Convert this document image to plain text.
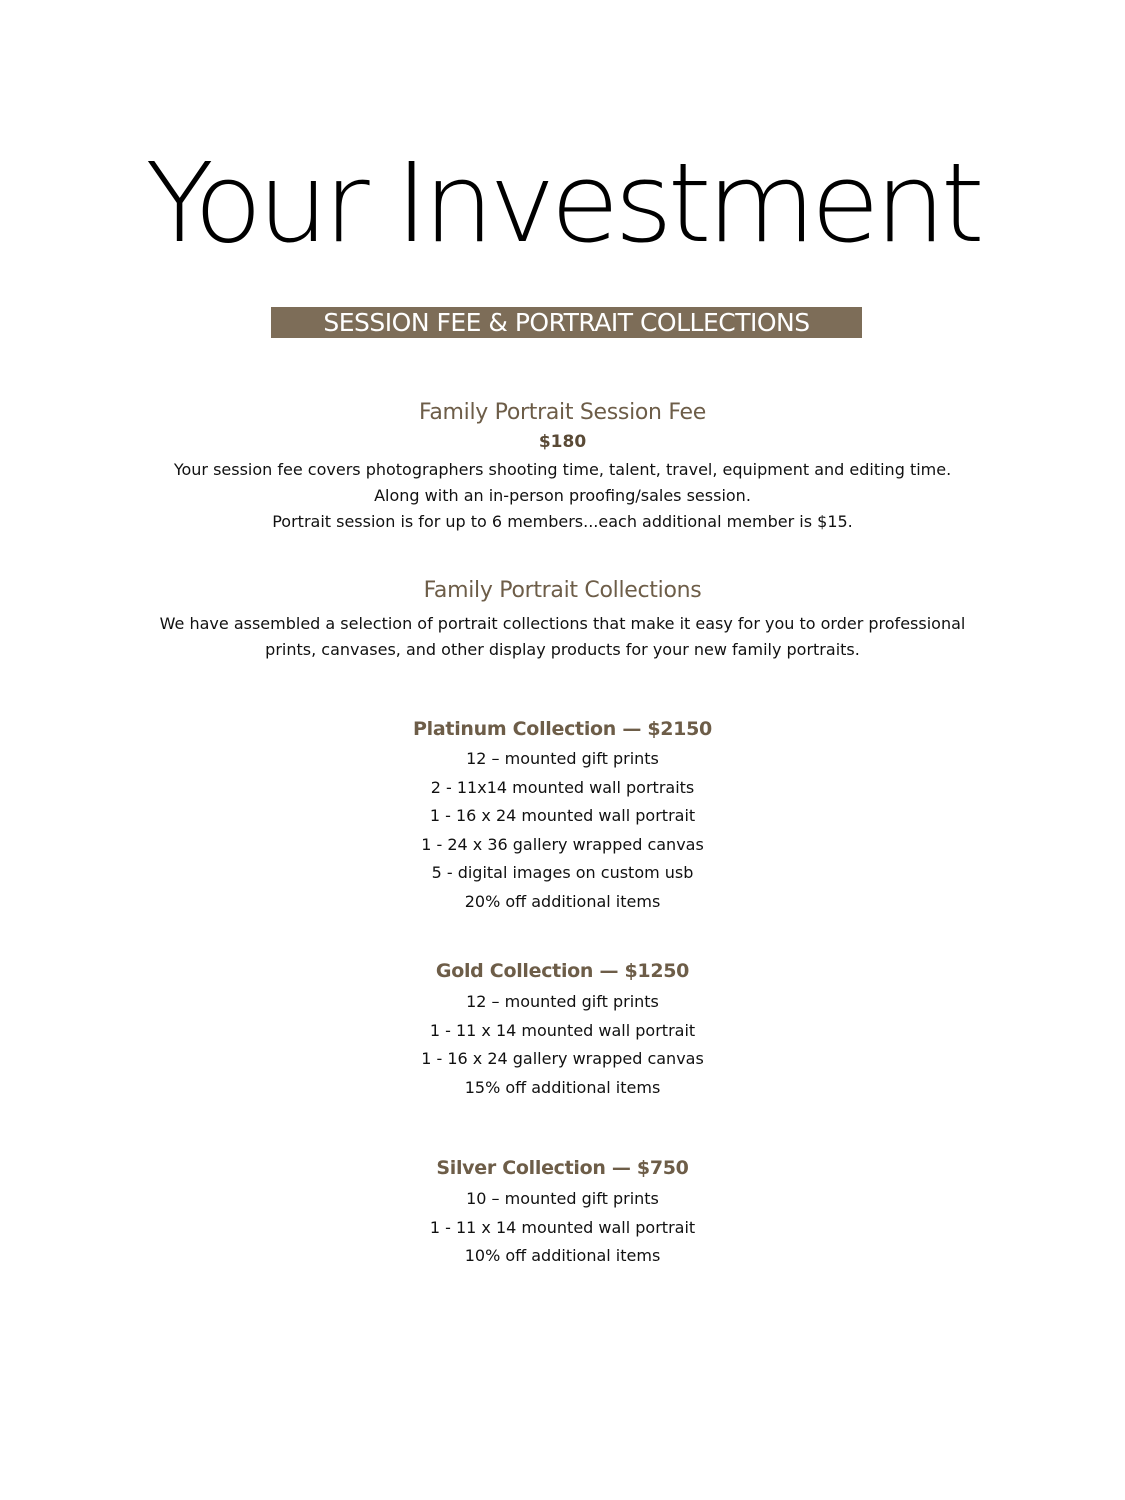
Your Investment
SESSION FEE & PORTRAIT COLLECTIONS
Family Portrait Session Fee
$180
Your session fee covers photographers shooting time, talent, travel, equipment and editing time.
Along with an in-person proofing/sales session.
Portrait session is for up to 6 members...each additional member is $15.
Family Portrait Collections
We have assembled a selection of portrait collections that make it easy for you to order professional
prints, canvases, and other display products for your new family portraits.
Platinum Collection — $2150
12 – mounted gift prints
2 - 11x14 mounted wall portraits
1 - 16 x 24 mounted wall portrait
1 - 24 x 36 gallery wrapped canvas
5 - digital images on custom usb
20% off additional items
Gold Collection — $1250
12 – mounted gift prints
1 - 11 x 14 mounted wall portrait
1 - 16 x 24 gallery wrapped canvas
15% off additional items
Silver Collection — $750
10 – mounted gift prints
1 - 11 x 14 mounted wall portrait
10% off additional items
